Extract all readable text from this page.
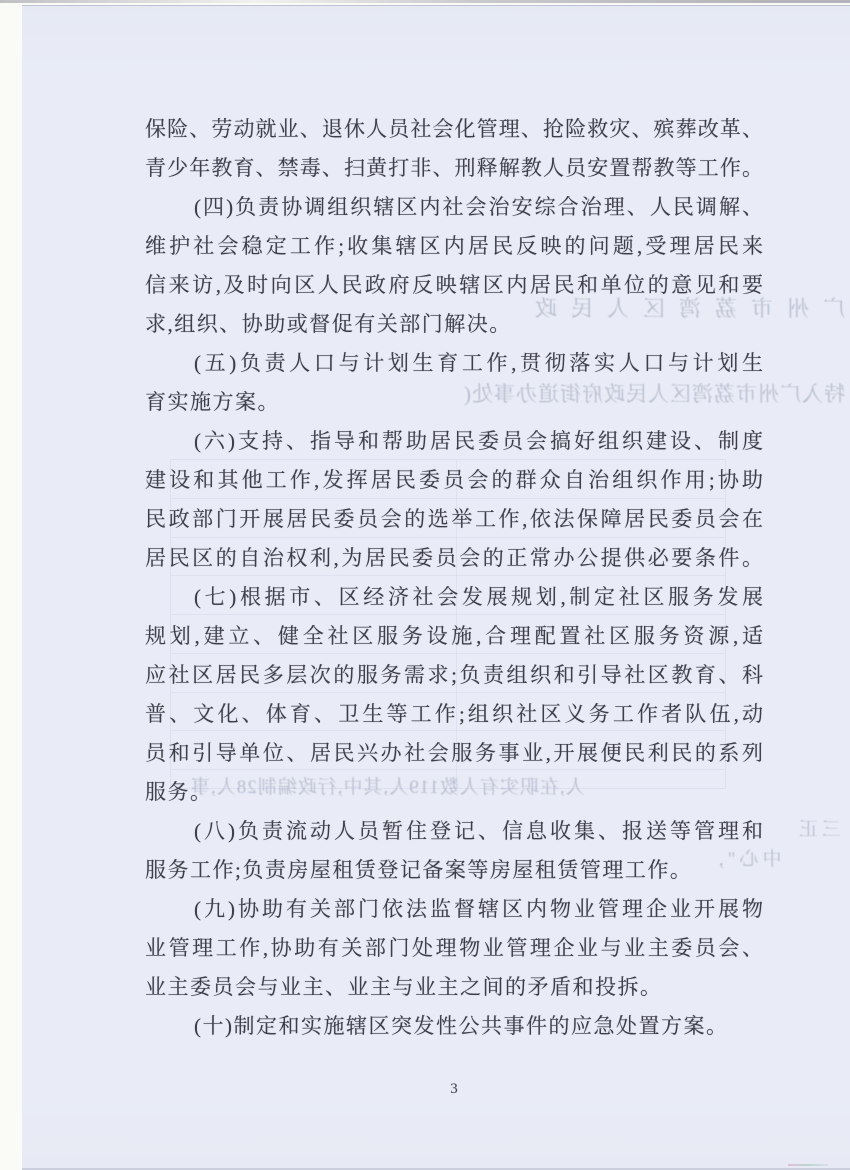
广州市荔湾区人民政
特入广州市荔湾区人民政府街道办事处(
人,在职实有人数119人,其中,行政编制28人,事
三正
中心",
保险、劳动就业、退休人员社会化管理、抢险救灾、殡葬改革、
青少年教育、禁毒、扫黄打非、刑释解教人员安置帮教等工作。
(四)负责协调组织辖区内社会治安综合治理、人民调解、
维护社会稳定工作;收集辖区内居民反映的问题,受理居民来
信来访,及时向区人民政府反映辖区内居民和单位的意见和要
求,组织、协助或督促有关部门解决。
(五)负责人口与计划生育工作,贯彻落实人口与计划生
育实施方案。
(六)支持、指导和帮助居民委员会搞好组织建设、制度
建设和其他工作,发挥居民委员会的群众自治组织作用;协助
民政部门开展居民委员会的选举工作,依法保障居民委员会在
居民区的自治权利,为居民委员会的正常办公提供必要条件。
(七)根据市、区经济社会发展规划,制定社区服务发展
规划,建立、健全社区服务设施,合理配置社区服务资源,适
应社区居民多层次的服务需求;负责组织和引导社区教育、科
普、文化、体育、卫生等工作;组织社区义务工作者队伍,动
员和引导单位、居民兴办社会服务事业,开展便民利民的系列
服务。
(八)负责流动人员暂住登记、信息收集、报送等管理和
服务工作;负责房屋租赁登记备案等房屋租赁管理工作。
(九)协助有关部门依法监督辖区内物业管理企业开展物
业管理工作,协助有关部门处理物业管理企业与业主委员会、
业主委员会与业主、业主与业主之间的矛盾和投拆。
(十)制定和实施辖区突发性公共事件的应急处置方案。
3
